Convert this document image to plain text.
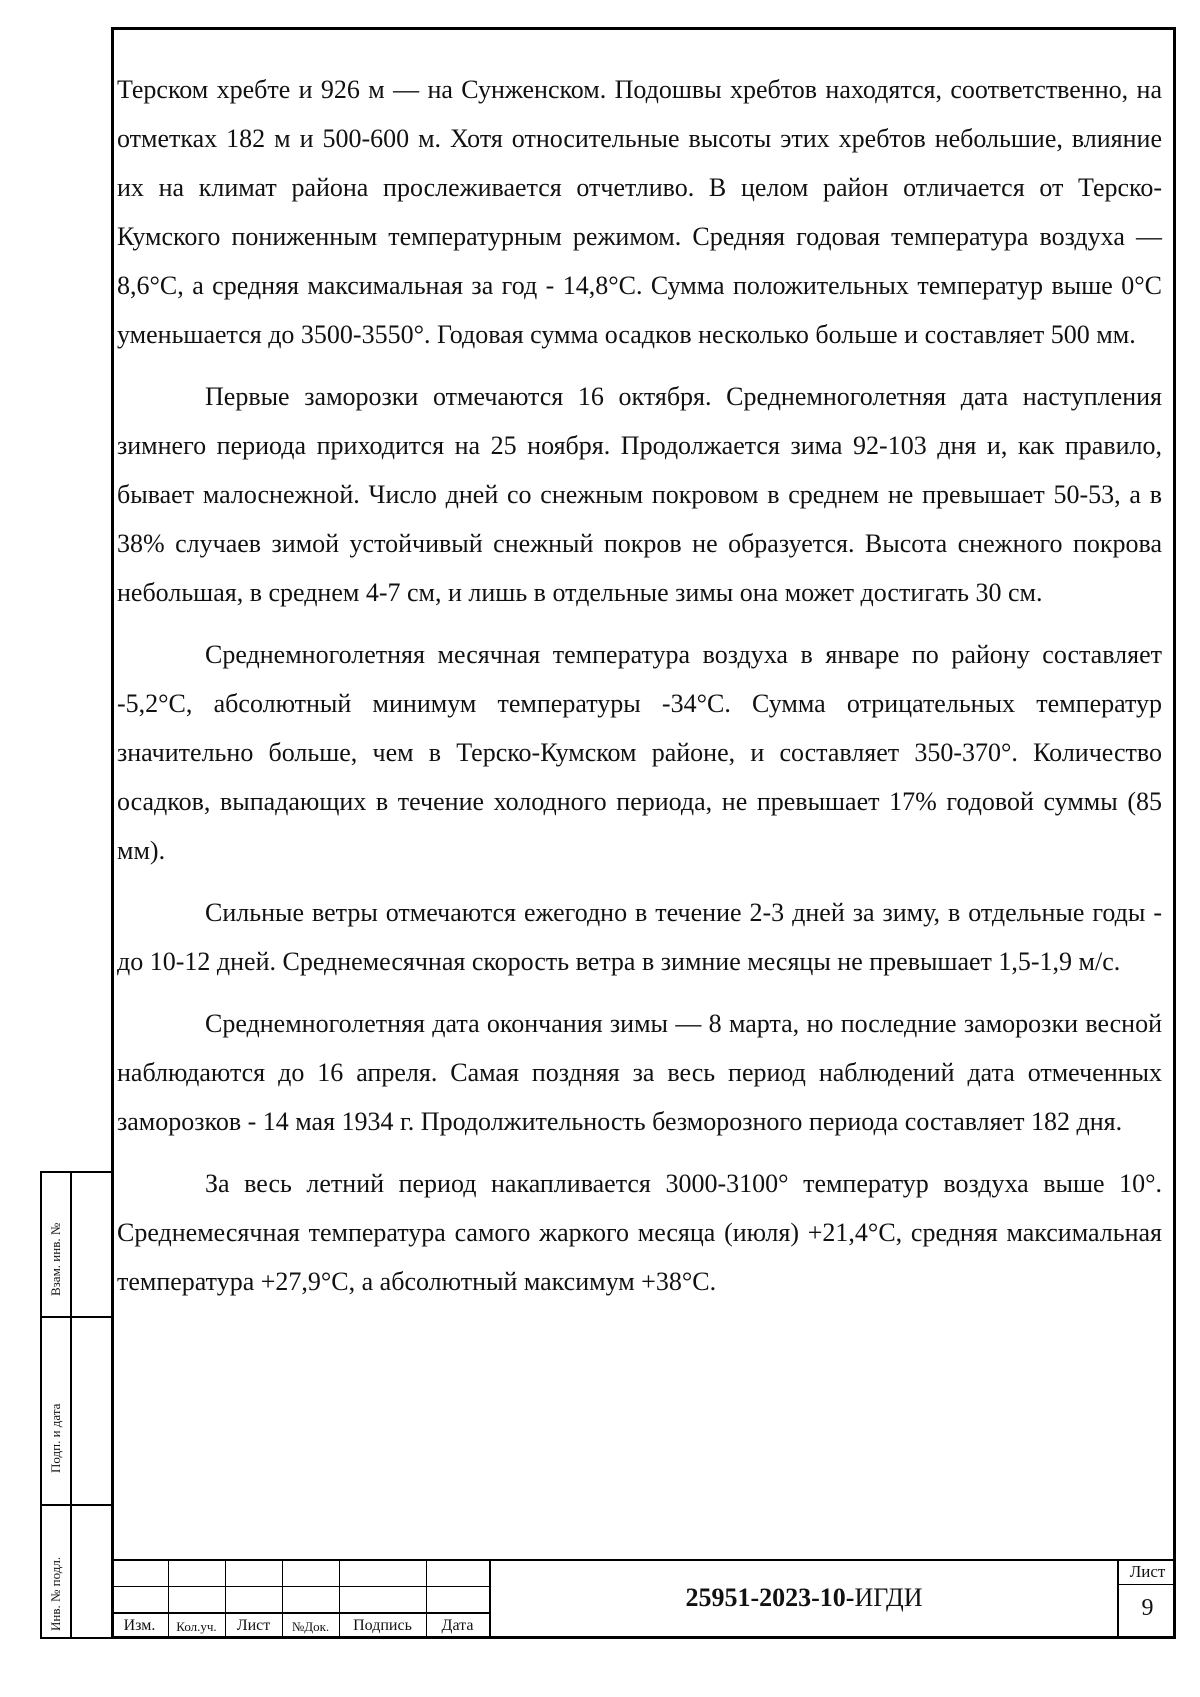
Терском хребте и 926 м — на Сунженском. Подошвы хребтов находятся, соответственно, на отметках 182 м и 500-600 м. Хотя относительные высоты этих хребтов небольшие, влияние их на климат района прослеживается отчетливо. В целом район отличается от Терско-Кумского пониженным температурным режимом. Средняя годовая температура воздуха — 8,6°С, а средняя максимальная за год - 14,8°С. Сумма положительных температур выше 0°С уменьшается до 3500-3550°. Годовая сумма осадков несколько больше и составляет 500 мм.

Первые заморозки отмечаются 16 октября. Среднемноголетняя дата наступления зимнего периода приходится на 25 ноября. Продолжается зима 92-103 дня и, как правило, бывает малоснежной. Число дней со снежным покровом в среднем не превышает 50-53, а в 38% случаев зимой устойчивый снежный покров не образуется. Высота снежного покрова небольшая, в среднем 4-7 см, и лишь в отдельные зимы она может достигать 30 см.

Среднемноголетняя месячная температура воздуха в январе по району составляет -5,2°С, абсолютный минимум температуры -34°С. Сумма отрицательных температур значительно больше, чем в Терско-Кумском районе, и составляет 350-370°. Количество осадков, выпадающих в течение холодного периода, не превышает 17% годовой суммы (85 мм).

Сильные ветры отмечаются ежегодно в течение 2-3 дней за зиму, в отдельные годы - до 10-12 дней. Среднемесячная скорость ветра в зимние месяцы не превышает 1,5-1,9 м/с.

Среднемноголетняя дата окончания зимы — 8 марта, но последние заморозки весной наблюдаются до 16 апреля. Самая поздняя за весь период наблюдений дата отмеченных заморозков - 14 мая 1934 г. Продолжительность безморозного периода составляет 182 дня.

За весь летний период накапливается 3000-3100° температур воздуха выше 10°. Среднемесячная температура самого жаркого месяца (июля) +21,4°С, средняя максимальная температура +27,9°С, а абсолютный максимум +38°С.

Взам. инв. №
Подп. и дата
Инв. № подл.	Изм.	Кол.уч.	Лист	№Док.	Подпись	Дата
25951-2023-10-ИГДИ
Лист
9
